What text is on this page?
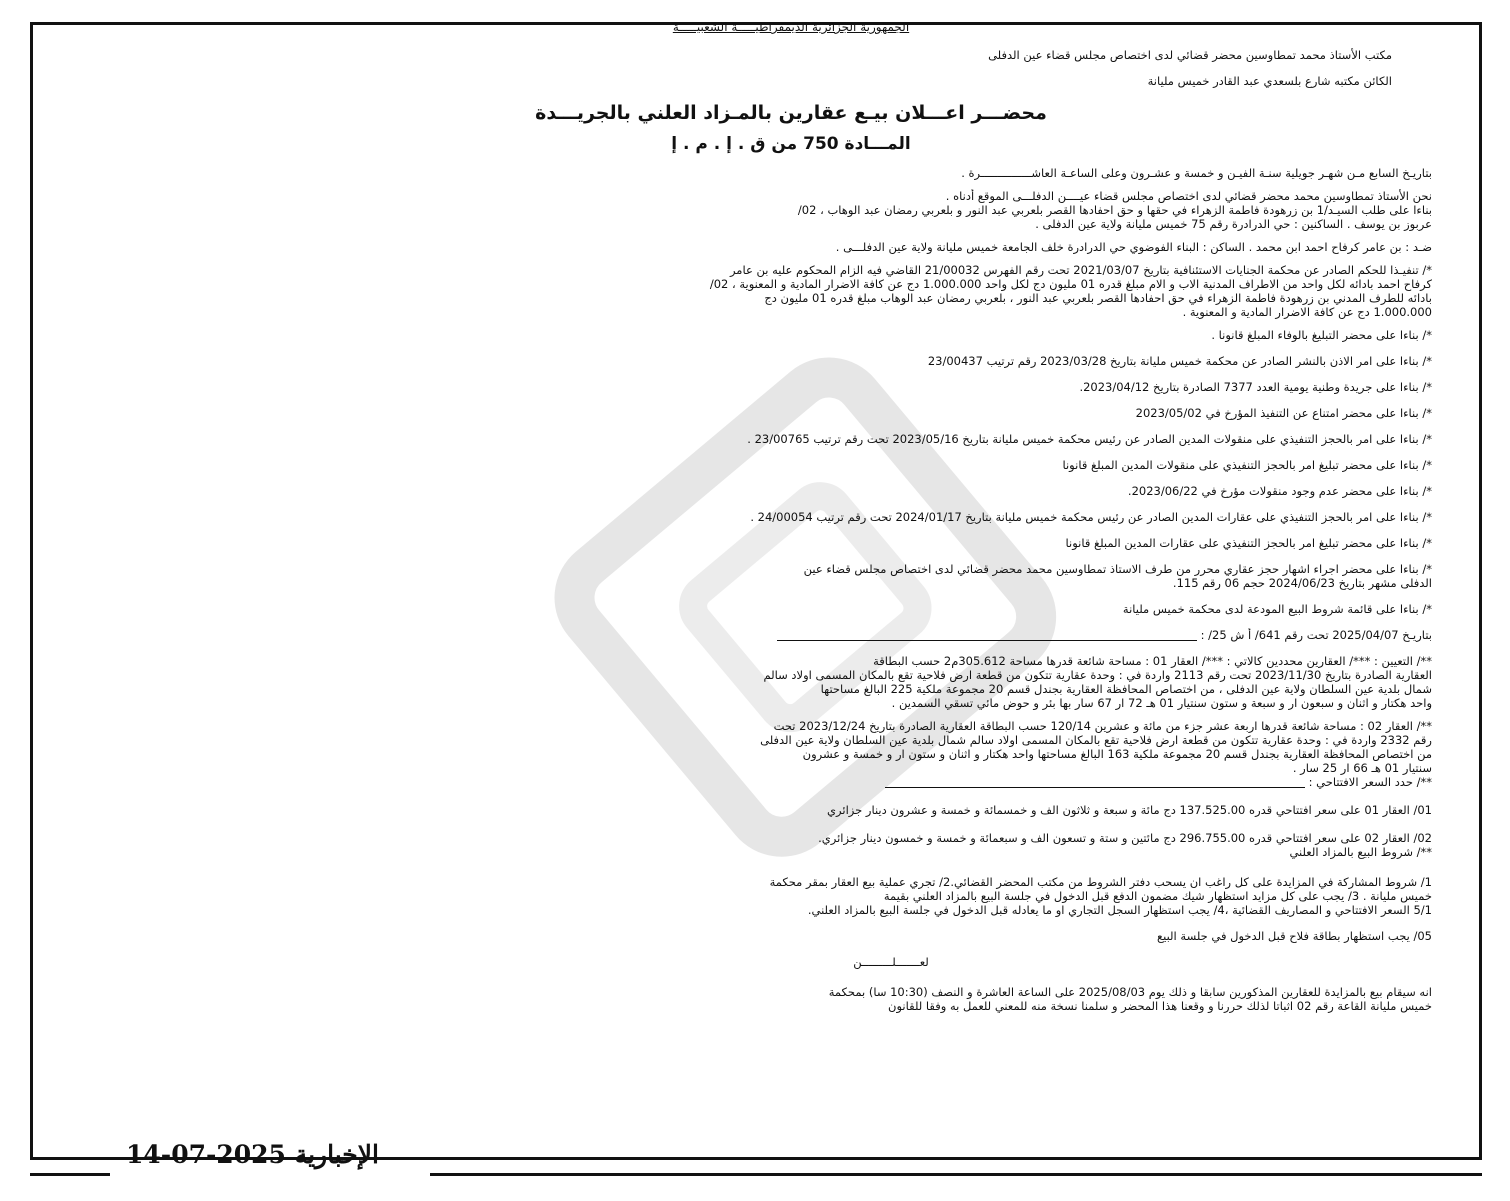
الجمهورية الجزائرية الديمقراطيـــــة الشعبيـــــة
مكتب الأستاذ محمد تمطاوسين محضر قضائي لدى اختصاص مجلس قضاء عين الدفلى
الكائن مكتبه شارع بلسعدي عبد القادر خميس مليانة
محضـــر اعـــلان بيـع عقارين بالمـزاد العلني بالجريـــدة
المـــادة 750 من ق . إ . م . إ
بتاريـخ السابع مـن شهـر جويلية سنـة الفيـن و خمسة و عشـرون وعلى الساعـة العاشـــــــــــــــرة .
نحن الأستاذ تمطاوسين محمد محضر قضائي لدى اختصاص مجلس قضاء عيــــن الدفلـــى الموقع أدناه .
بناءا على طلب السيـد/1 بن زرهودة فاطمة الزهراء في حقها و حق احفادها القصر بلعربي عبد النور و بلعربي رمضان عبد الوهاب ، 02/
عربوز بن يوسف . الساكنين : حي الدرادرة رقم 75 خميس مليانة ولاية عين الدفلى .
ضـد : بن عامر كرفاح احمد ابن محمد . الساكن : البناء الفوضوي حي الدرادرة خلف الجامعة خميس مليانة ولاية عين الدفلـــى .
*/ تنفيـذا للحكم الصادر عن محكمة الجنايات الاستئنافية بتاريخ 2021/03/07 تحت رقم الفهرس 21/00032 القاضي فيه الزام المحكوم عليه بن عامر
كرفاح احمد بادائه لكل واحد من الاطراف المدنية الاب و الام مبلغ قدره 01 مليون دج لكل واحد 1.000.000 دج عن كافة الاضرار المادية و المعنوية ، 02/
بادائه للطرف المدني بن زرهودة فاطمة الزهراء في حق احفادها القصر بلعربي عبد النور ، بلعربي رمضان عبد الوهاب مبلغ قدره 01 مليون دج
1.000.000 دج عن كافة الاضرار المادية و المعنوية .
*/ بناءا على محضر التبليغ بالوفاء المبلغ قانونا .
*/ بناءا على امر الاذن بالنشر الصادر عن محكمة خميس مليانة بتاريخ 2023/03/28 رقم ترتيب 23/00437
*/ بناءا على جريدة وطنية يومية العدد 7377 الصادرة بتاريخ 2023/04/12.
*/ بناءا على محضر امتناع عن التنفيذ المؤرخ في 2023/05/02
*/ بناءا على امر بالحجز التنفيذي على منقولات المدين الصادر عن رئيس محكمة خميس مليانة بتاريخ 2023/05/16 تحت رقم ترتيب 23/00765 .
*/ بناءا على محضر تبليغ امر بالحجز التنفيذي على منقولات المدين المبلغ قانونا
*/ بناءا على محضر عدم وجود منقولات مؤرخ في 2023/06/22.
*/ بناءا على امر بالحجز التنفيذي على عقارات المدين الصادر عن رئيس محكمة خميس مليانة بتاريخ 2024/01/17 تحت رقم ترتيب 24/00054 .
*/ بناءا على محضر تبليغ امر بالحجز التنفيذي على عقارات المدين المبلغ قانونا
*/ بناءا على محضر اجراء اشهار حجز عقاري محرر من طرف الاستاذ تمطاوسين محمد محضر قضائي لدى اختصاص مجلس قضاء عين
الدفلى مشهر بتاريخ 2024/06/23 حجم 06 رقم 115.
*/ بناءا على قائمة شروط البيع المودعة لدى محكمة خميس مليانة
بتاريـخ 2025/04/07 تحت رقم 641/ أ ش 25/ :
**/ التعيين : ***/ العقارين محددين كالاتي : ***/ العقار 01 : مساحة شائعة قدرها مساحة 305.612م2 حسب البطاقة
العقارية الصادرة بتاريخ 2023/11/30 تحت رقم 2113 واردة في : وحدة عقارية تتكون من قطعة ارض فلاحية تقع بالمكان المسمى اولاد سالم
شمال بلدية عين السلطان ولاية عين الدفلى ، من اختصاص المحافظة العقارية بجندل قسم 20 مجموعة ملكية 225 البالغ مساحتها
واحد هكتار و اثنان و سبعون ار و سبعة و ستون سنتيار 01 هـ 72 ار 67 سار بها بئر و حوض مائي تسقي السمدين .
**/ العقار 02 : مساحة شائعة قدرها اربعة عشر جزء من مائة و عشرين 120/14 حسب البطاقة العقارية الصادرة بتاريخ 2023/12/24 تحت
رقم 2332 واردة في : وحدة عقارية تتكون من قطعة ارض فلاحية تقع بالمكان المسمى اولاد سالم شمال بلدية عين السلطان ولاية عين الدفلى
من اختصاص المحافظة العقارية بجندل قسم 20 مجموعة ملكية 163 البالغ مساحتها واحد هكتار و اثنان و ستون ار و خمسة و عشرون
سنتيار 01 هـ 66 ار 25 سار .
**/ حدد السعر الافتتاحي :
01/ العقار 01 على سعر افتتاحي قدره 137.525.00 دج مائة و سبعة و ثلاثون الف و خمسمائة و خمسة و عشرون دينار جزائري
02/ العقار 02 على سعر افتتاحي قدره 296.755.00 دج مائتين و ستة و تسعون الف و سبعمائة و خمسة و خمسون دينار جزائري.
**/ شروط البيع بالمزاد العلني
1/ شروط المشاركة في المزايدة على كل راغب ان يسحب دفتر الشروط من مكتب المحضر القضائي.2/ تجري عملية بيع العقار بمقر محكمة
خميس مليانة . 3/ يجب على كل مزايد استظهار شيك مضمون الدفع قبل الدخول في جلسة البيع بالمزاد العلني بقيمة
5/1 السعر الافتتاحي و المصاريف القضائية ،4/ يجب استظهار السجل التجاري او ما يعادله قبل الدخول في جلسة البيع بالمزاد العلني.
05/ يجب استظهار بطاقة فلاح قبل الدخول في جلسة البيع
لعـــــــلـــــــــن
انه سيقام بيع بالمزايدة للعقارين المذكورين سابقا و ذلك يوم 2025/08/03 على الساعة العاشرة و النصف (10:30 سا) بمحكمة
خميس مليانة القاعة رقم 02 اثباتا لذلك حررنا و وقعنا هذا المحضر و سلمنا نسخة منه للمعني للعمل به وفقا للقانون
الإخبارية 2025-07-14
